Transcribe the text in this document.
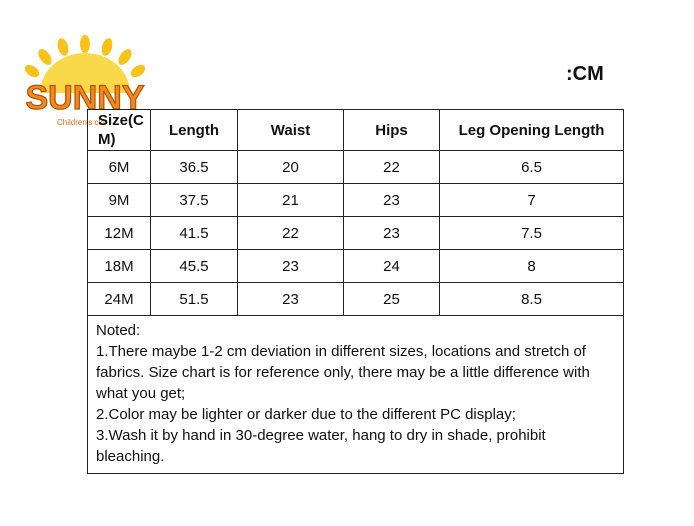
SUNNY
Children's clo
:CM
Size(C M)	Length	Waist	Hips	Leg Opening Length
6M	36.5	20	22	6.5
9M	37.5	21	23	7
12M	41.5	22	23	7.5
18M	45.5	23	24	8
24M	51.5	23	25	8.5

Noted:
1.There maybe 1-2 cm deviation in different sizes, locations and stretch of fabrics. Size chart is for reference only, there may be a little difference with what you get;
2.Color may be lighter or darker due to the different PC display;
3.Wash it by hand in 30-degree water, hang to dry in shade, prohibit bleaching.				
